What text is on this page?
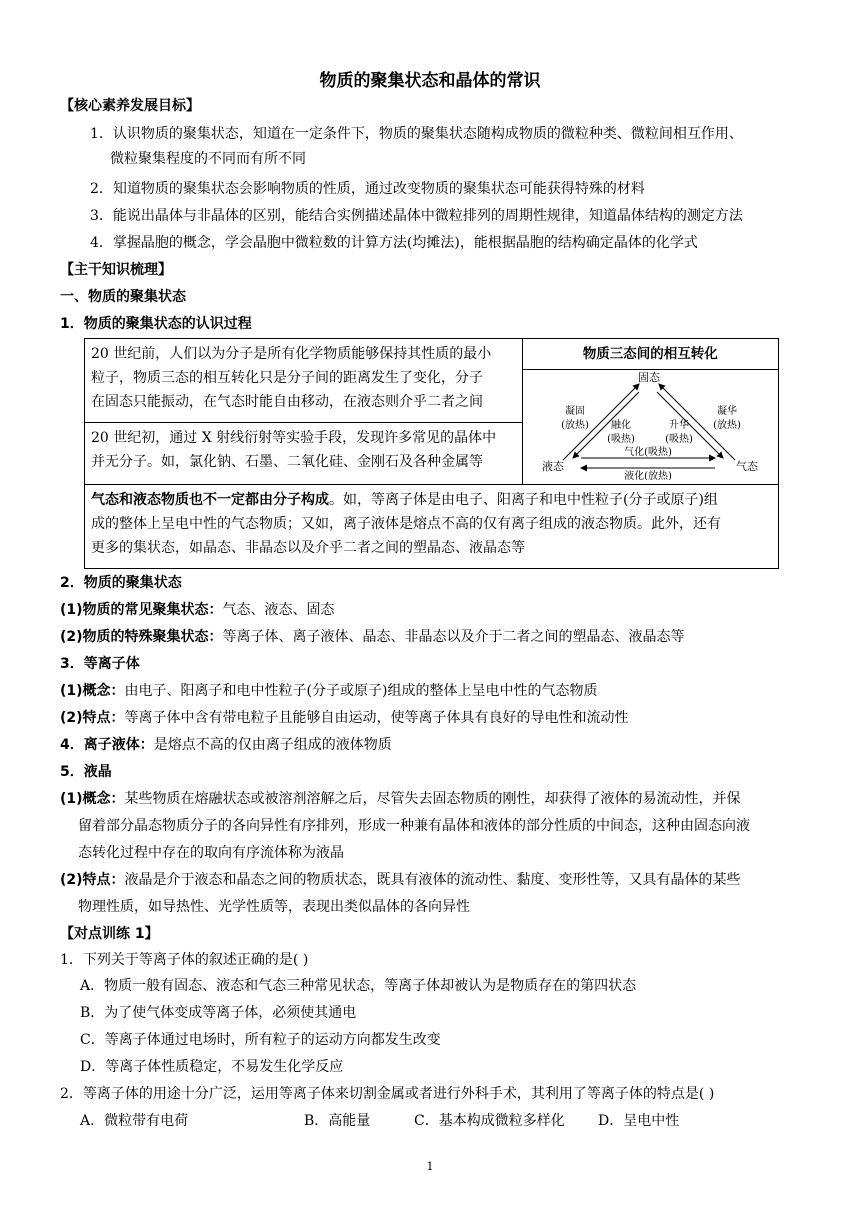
物质的聚集状态和晶体的常识
【核心素养发展目标】
1．认识物质的聚集状态，知道在一定条件下，物质的聚集状态随构成物质的微粒种类、微粒间相互作用、
微粒聚集程度的不同而有所不同
2．知道物质的聚集状态会影响物质的性质，通过改变物质的聚集状态可能获得特殊的材料
3．能说出晶体与非晶体的区别，能结合实例描述晶体中微粒排列的周期性规律，知道晶体结构的测定方法
4．掌握晶胞的概念，学会晶胞中微粒数的计算方法(均摊法)，能根据晶胞的结构确定晶体的化学式
【主干知识梳理】
一、物质的聚集状态
1．物质的聚集状态的认识过程
20 世纪前，人们以为分子是所有化学物质能够保持其性质的最小
粒子，物质三态的相互转化只是分子间的距离发生了变化，分子
在固态只能振动，在气态时能自由移动，在液态则介乎二者之间

物质三态间的相互转化
固态
液态	气态
凝固
(放热) 融化
(吸热)
升华
(吸热)
凝华
(放热)
气化(吸热)
液化(放热)

20 世纪初，通过 X 射线衍射等实验手段，发现许多常见的晶体中
并无分子。如，氯化钠、石墨、二氧化硅、金刚石及各种金属等

气态和液态物质也不一定都由分子构成。如，等离子体是由电子、阳离子和电中性粒子(分子或原子)组
成的整体上呈电中性的气态物质；又如，离子液体是熔点不高的仅有离子组成的液态物质。此外，还有
更多的集状态，如晶态、非晶态以及介乎二者之间的塑晶态、液晶态等
2．物质的聚集状态
(1)物质的常见聚集状态：气态、液态、固态
(2)物质的特殊聚集状态：等离子体、离子液体、晶态、非晶态以及介于二者之间的塑晶态、液晶态等
3．等离子体
(1)概念：由电子、阳离子和电中性粒子(分子或原子)组成的整体上呈电中性的气态物质
(2)特点：等离子体中含有带电粒子且能够自由运动，使等离子体具有良好的导电性和流动性
4．离子液体：是熔点不高的仅由离子组成的液体物质
5．液晶
(1)概念：某些物质在熔融状态或被溶剂溶解之后，尽管失去固态物质的刚性，却获得了液体的易流动性，并保
留着部分晶态物质分子的各向异性有序排列，形成一种兼有晶体和液体的部分性质的中间态，这种由固态向液
态转化过程中存在的取向有序流体称为液晶
(2)特点：液晶是介于液态和晶态之间的物质状态，既具有液体的流动性、黏度、变形性等，又具有晶体的某些
物理性质，如导热性、光学性质等，表现出类似晶体的各向异性
【对点训练 1】
1．下列关于等离子体的叙述正确的是( )
A．物质一般有固态、液态和气态三种常见状态，等离子体却被认为是物质存在的第四状态
B．为了使气体变成等离子体，必须使其通电
C．等离子体通过电场时，所有粒子的运动方向都发生改变
D．等离子体性质稳定，不易发生化学反应
2．等离子体的用途十分广泛，运用等离子体来切割金属或者进行外科手术，其利用了等离子体的特点是( )
A．微粒带有电荷	B．高能量	C．基本构成微粒多样化 D．呈电中性
1
